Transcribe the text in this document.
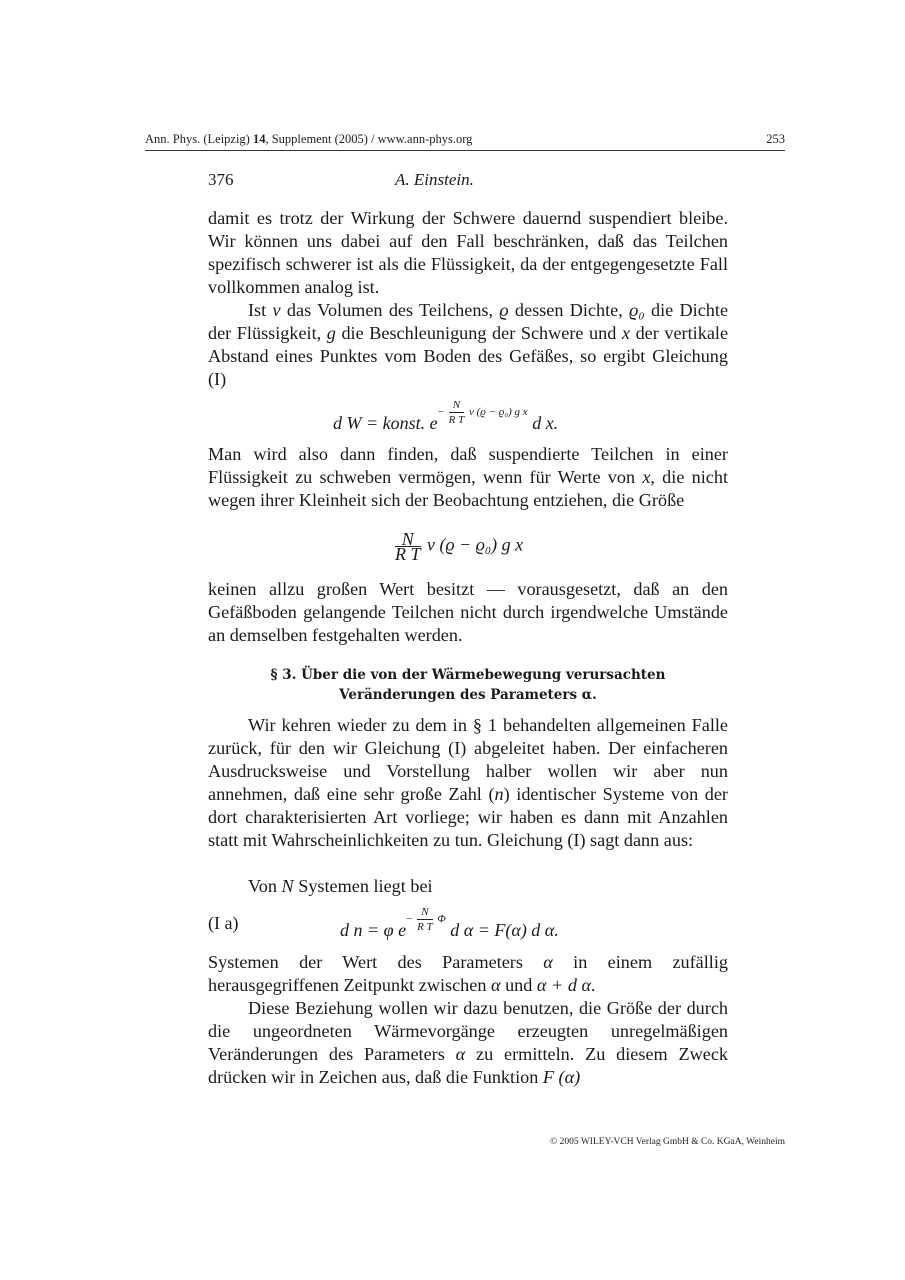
Ann. Phys. (Leipzig) 14, Supplement (2005) / www.ann-phys.org	253
376	A. Einstein.
damit es trotz der Wirkung der Schwere dauernd suspendiert bleibe. Wir können uns dabei auf den Fall beschränken, daß das Teilchen spezifisch schwerer ist als die Flüssigkeit, da der entgegengesetzte Fall vollkommen analog ist.
Ist v das Volumen des Teilchens, ϱ dessen Dichte, ϱ₀ die Dichte der Flüssigkeit, g die Beschleunigung der Schwere und x der vertikale Abstand eines Punktes vom Boden des Gefäßes, so ergibt Gleichung (I)
d W = konst. $e^{- \frac{N}{\text{R T}} v (ϱ - ϱ_0) g x}$ d x.
Man wird also dann finden, daß suspendierte Teilchen in einer Flüssigkeit zu schweben vermögen, wenn für Werte von x, die nicht wegen ihrer Kleinheit sich der Beobachtung entziehen, die Größe
$\frac{N}{\text{R T}}$ v (ϱ − ϱ₀) g x
keinen allzu großen Wert besitzt — vorausgesetzt, daß an den Gefäßboden gelangende Teilchen nicht durch irgendwelche Umstände an demselben festgehalten werden.
§ 3. Über die von der Wärmebewegung verursachten
Veränderungen des Parameters α.
Wir kehren wieder zu dem in § 1 behandelten allgemeinen Falle zurück, für den wir Gleichung (I) abgeleitet haben. Der einfacheren Ausdrucksweise und Vorstellung halber wollen wir aber nun annehmen, daß eine sehr große Zahl (n) identischer Systeme von der dort charakterisierten Art vorliege; wir haben es dann mit Anzahlen statt mit Wahrscheinlichkeiten zu tun. Gleichung (I) sagt dann aus:
Von N Systemen liegt bei
(I a)	d n = φ $e^{- \frac{N}{\text{R T}} \Phi}$ d α = F(α) d α.
Systemen der Wert des Parameters α in einem zufällig herausgegriffenen Zeitpunkt zwischen α und α + d α.
Diese Beziehung wollen wir dazu benutzen, die Größe der durch die ungeordneten Wärmevorgänge erzeugten unregelmäßigen Veränderungen des Parameters α zu ermitteln. Zu diesem Zweck drücken wir in Zeichen aus, daß die Funktion F (α)
© 2005 WILEY-VCH Verlag GmbH & Co. KGaA, Weinheim
